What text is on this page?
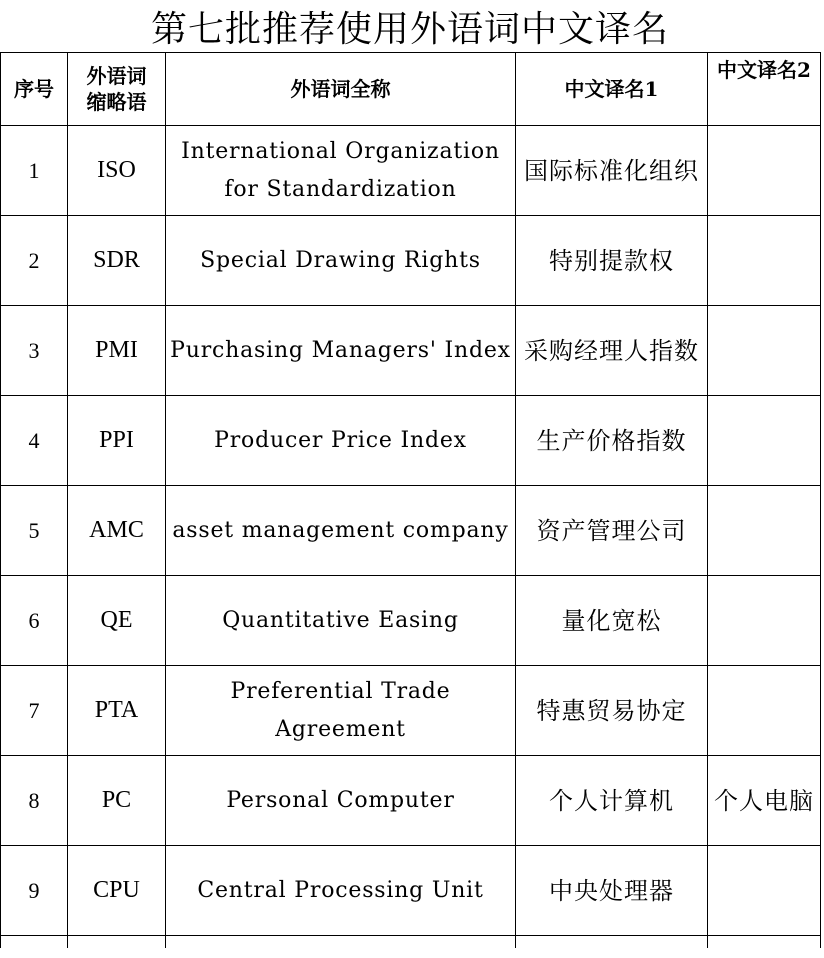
第七批推荐使用外语词中文译名
序号	外语词缩略语	外语词全称	中文译名1	中文译名2
1	ISO	International Organization for Standardization	国际标准化组织	
2	SDR	Special Drawing Rights	特别提款权	
3	PMI	Purchasing Managers' Index	采购经理人指数	
4	PPI	Producer Price Index	生产价格指数	
5	AMC	asset management company	资产管理公司	
6	QE	Quantitative Easing	量化宽松	
7	PTA	Preferential Trade Agreement	特惠贸易协定	
8	PC	Personal Computer	个人计算机	个人电脑
9	CPU	Central Processing Unit	中央处理器	
